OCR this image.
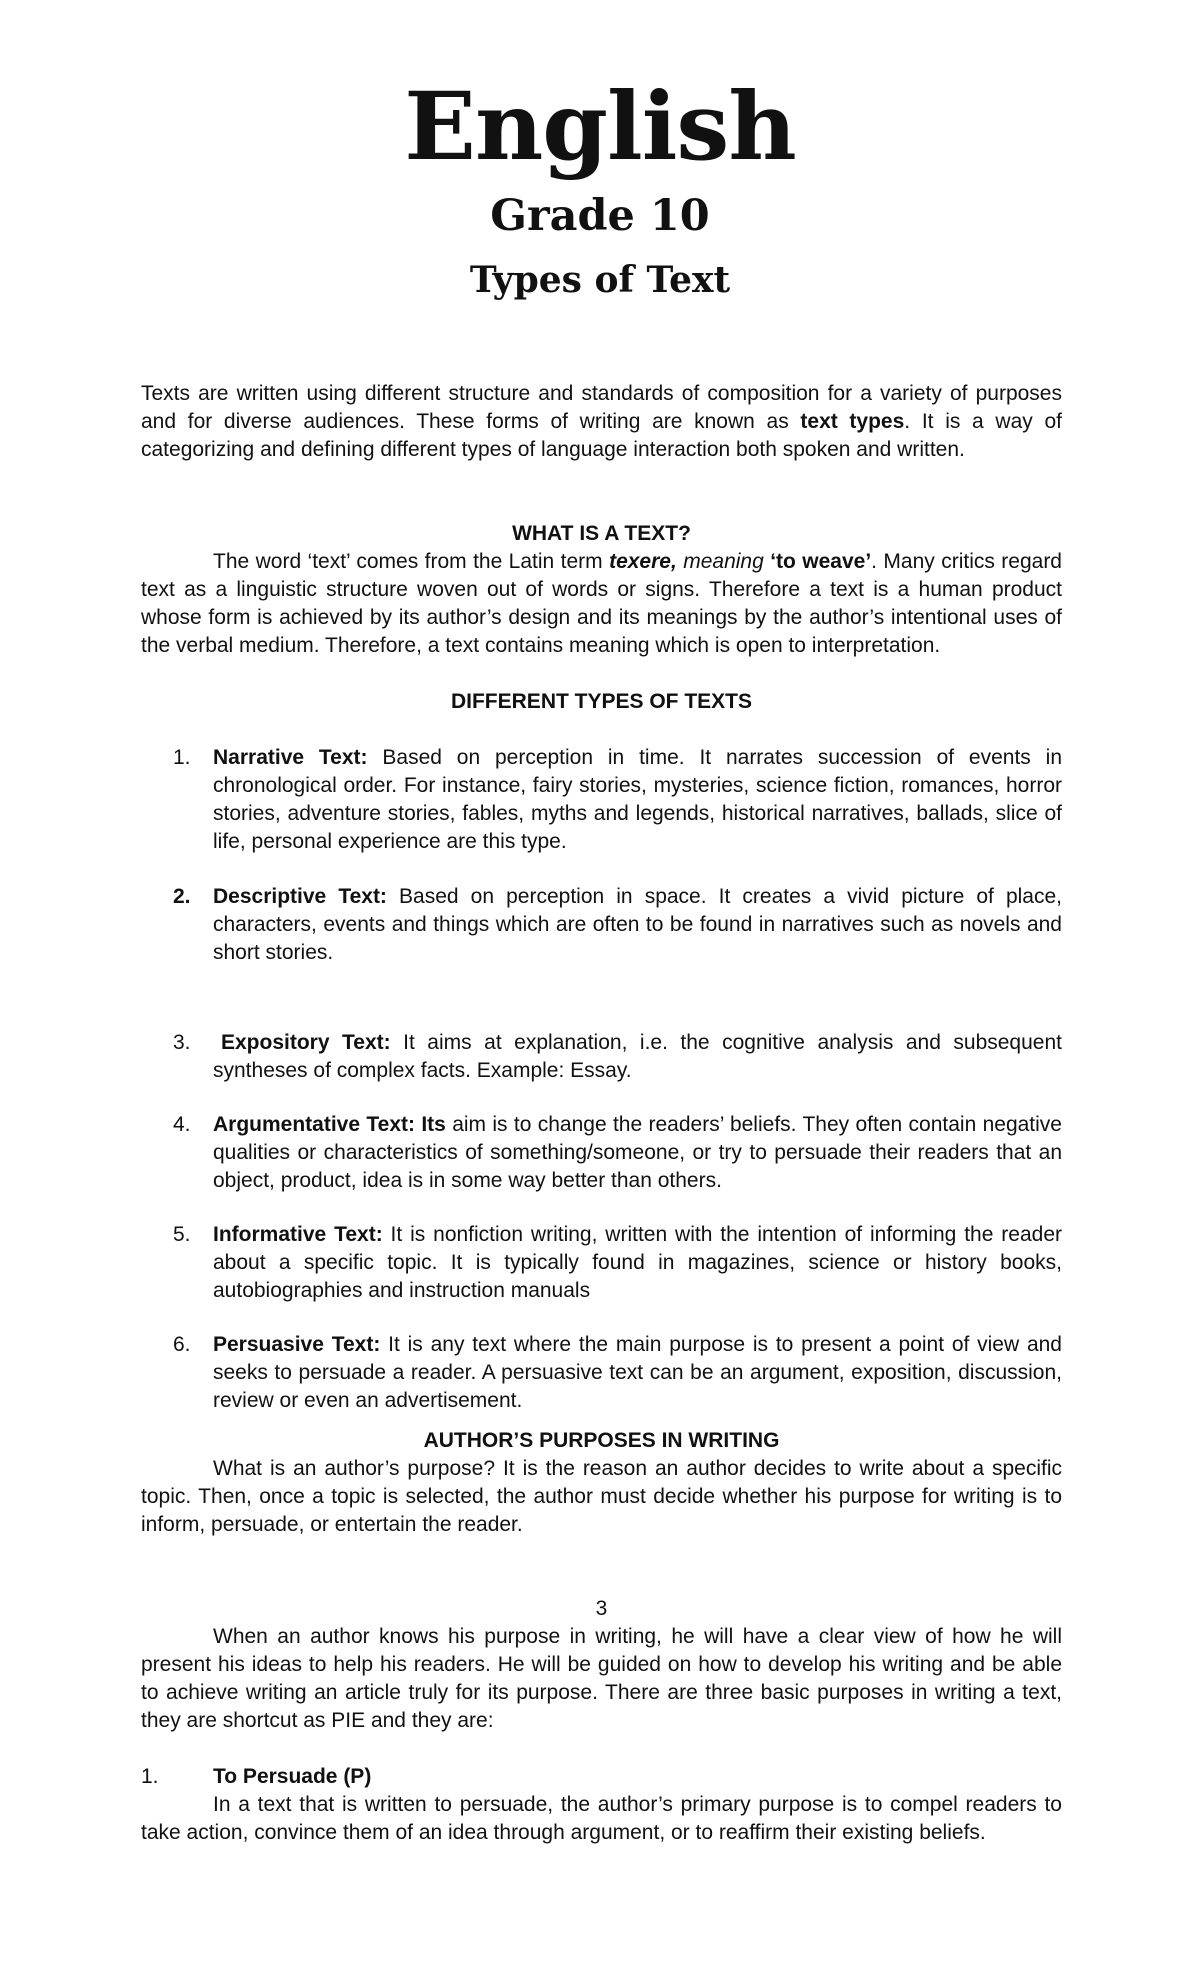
English
Grade 10
Types of Text

Texts are written using different structure and standards of composition for a variety of purposes and for diverse audiences. These forms of writing are known as text types. It is a way of categorizing and defining different types of language interaction both spoken and written.

WHAT IS A TEXT?

The word ‘text’ comes from the Latin term texere, meaning ‘to weave’. Many critics regard text as a linguistic structure woven out of words or signs. Therefore a text is a human product whose form is achieved by its author’s design and its meanings by the author’s intentional uses of the verbal medium. Therefore, a text contains meaning which is open to interpretation.

DIFFERENT TYPES OF TEXTS

1. Narrative Text: Based on perception in time. It narrates succession of events in chronological order. For instance, fairy stories, mysteries, science fiction, romances, horror stories, adventure stories, fables, myths and legends, historical narratives, ballads, slice of life, personal experience are this type.
2. Descriptive Text: Based on perception in space. It creates a vivid picture of place, characters, events and things which are often to be found in narratives such as novels and short stories.
3. Expository Text: It aims at explanation, i.e. the cognitive analysis and subsequent syntheses of complex facts. Example: Essay.
4. Argumentative Text: Its aim is to change the readers’ beliefs. They often contain negative qualities or characteristics of something/someone, or try to persuade their readers that an object, product, idea is in some way better than others.
5. Informative Text: It is nonfiction writing, written with the intention of informing the reader about a specific topic. It is typically found in magazines, science or history books, autobiographies and instruction manuals
6. Persuasive Text: It is any text where the main purpose is to present a point of view and seeks to persuade a reader. A persuasive text can be an argument, exposition, discussion, review or even an advertisement.

AUTHOR’S PURPOSES IN WRITING

What is an author’s purpose? It is the reason an author decides to write about a specific topic. Then, once a topic is selected, the author must decide whether his purpose for writing is to inform, persuade, or entertain the reader.

3

When an author knows his purpose in writing, he will have a clear view of how he will present his ideas to help his readers. He will be guided on how to develop his writing and be able to achieve writing an article truly for its purpose. There are three basic purposes in writing a text, they are shortcut as PIE and they are:

1.	To Persuade (P)

In a text that is written to persuade, the author’s primary purpose is to compel readers to take action, convince them of an idea through argument, or to reaffirm their existing beliefs.
